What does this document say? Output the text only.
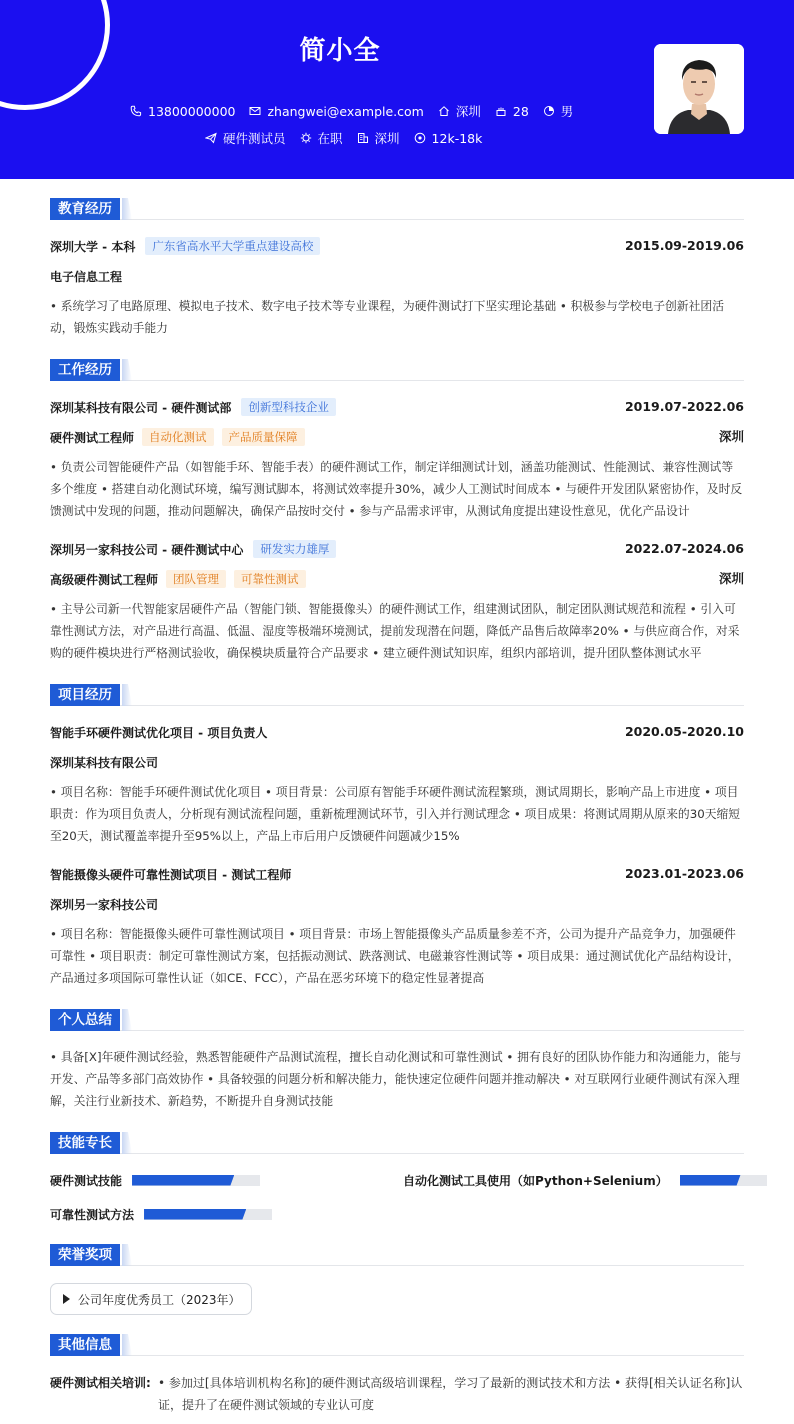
简小全
13800000000	zhangwei@example.com	深圳	28	男
硬件测试员	在职	深圳	12k-18k
教育经历
深圳大学 - 本科	广东省高水平大学重点建设高校	2015.09-2019.06
电子信息工程
• 系统学习了电路原理、模拟电子技术、数字电子技术等专业课程，为硬件测试打下坚实理论基础 • 积极参与学校电子创新社团活动，锻炼实践动手能力
工作经历
深圳某科技有限公司 - 硬件测试部	创新型科技企业	2019.07-2022.06
硬件测试工程师	自动化测试	产品质量保障	深圳
• 负责公司智能硬件产品（如智能手环、智能手表）的硬件测试工作，制定详细测试计划，涵盖功能测试、性能测试、兼容性测试等多个维度 • 搭建自动化测试环境，编写测试脚本，将测试效率提升30%，减少人工测试时间成本 • 与硬件开发团队紧密协作，及时反馈测试中发现的问题，推动问题解决，确保产品按时交付 • 参与产品需求评审，从测试角度提出建设性意见，优化产品设计
深圳另一家科技公司 - 硬件测试中心	研发实力雄厚	2022.07-2024.06
高级硬件测试工程师	团队管理	可靠性测试	深圳
• 主导公司新一代智能家居硬件产品（智能门锁、智能摄像头）的硬件测试工作，组建测试团队，制定团队测试规范和流程 • 引入可靠性测试方法，对产品进行高温、低温、湿度等极端环境测试，提前发现潜在问题，降低产品售后故障率20% • 与供应商合作，对采购的硬件模块进行严格测试验收，确保模块质量符合产品要求 • 建立硬件测试知识库，组织内部培训，提升团队整体测试水平
项目经历
智能手环硬件测试优化项目 - 项目负责人	2020.05-2020.10
深圳某科技有限公司
• 项目名称：智能手环硬件测试优化项目 • 项目背景：公司原有智能手环硬件测试流程繁琐，测试周期长，影响产品上市进度 • 项目职责：作为项目负责人，分析现有测试流程问题，重新梳理测试环节，引入并行测试理念 • 项目成果：将测试周期从原来的30天缩短至20天，测试覆盖率提升至95%以上，产品上市后用户反馈硬件问题减少15%
智能摄像头硬件可靠性测试项目 - 测试工程师	2023.01-2023.06
深圳另一家科技公司
• 项目名称：智能摄像头硬件可靠性测试项目 • 项目背景：市场上智能摄像头产品质量参差不齐，公司为提升产品竞争力，加强硬件可靠性 • 项目职责：制定可靠性测试方案，包括振动测试、跌落测试、电磁兼容性测试等 • 项目成果：通过测试优化产品结构设计，产品通过多项国际可靠性认证（如CE、FCC），产品在恶劣环境下的稳定性显著提高
个人总结
• 具备[X]年硬件测试经验，熟悉智能硬件产品测试流程，擅长自动化测试和可靠性测试 • 拥有良好的团队协作能力和沟通能力，能与开发、产品等多部门高效协作 • 具备较强的问题分析和解决能力，能快速定位硬件问题并推动解决 • 对互联网行业硬件测试有深入理解，关注行业新技术、新趋势，不断提升自身测试技能
技能专长
硬件测试技能	自动化测试工具使用（如Python+Selenium）
可靠性测试方法
荣誉奖项
公司年度优秀员工（2023年）
其他信息
硬件测试相关培训: • 参加过[具体培训机构名称]的硬件测试高级培训课程，学习了最新的测试技术和方法 • 获得[相关认证名称]认证，提升了在硬件测试领域的专业认可度
